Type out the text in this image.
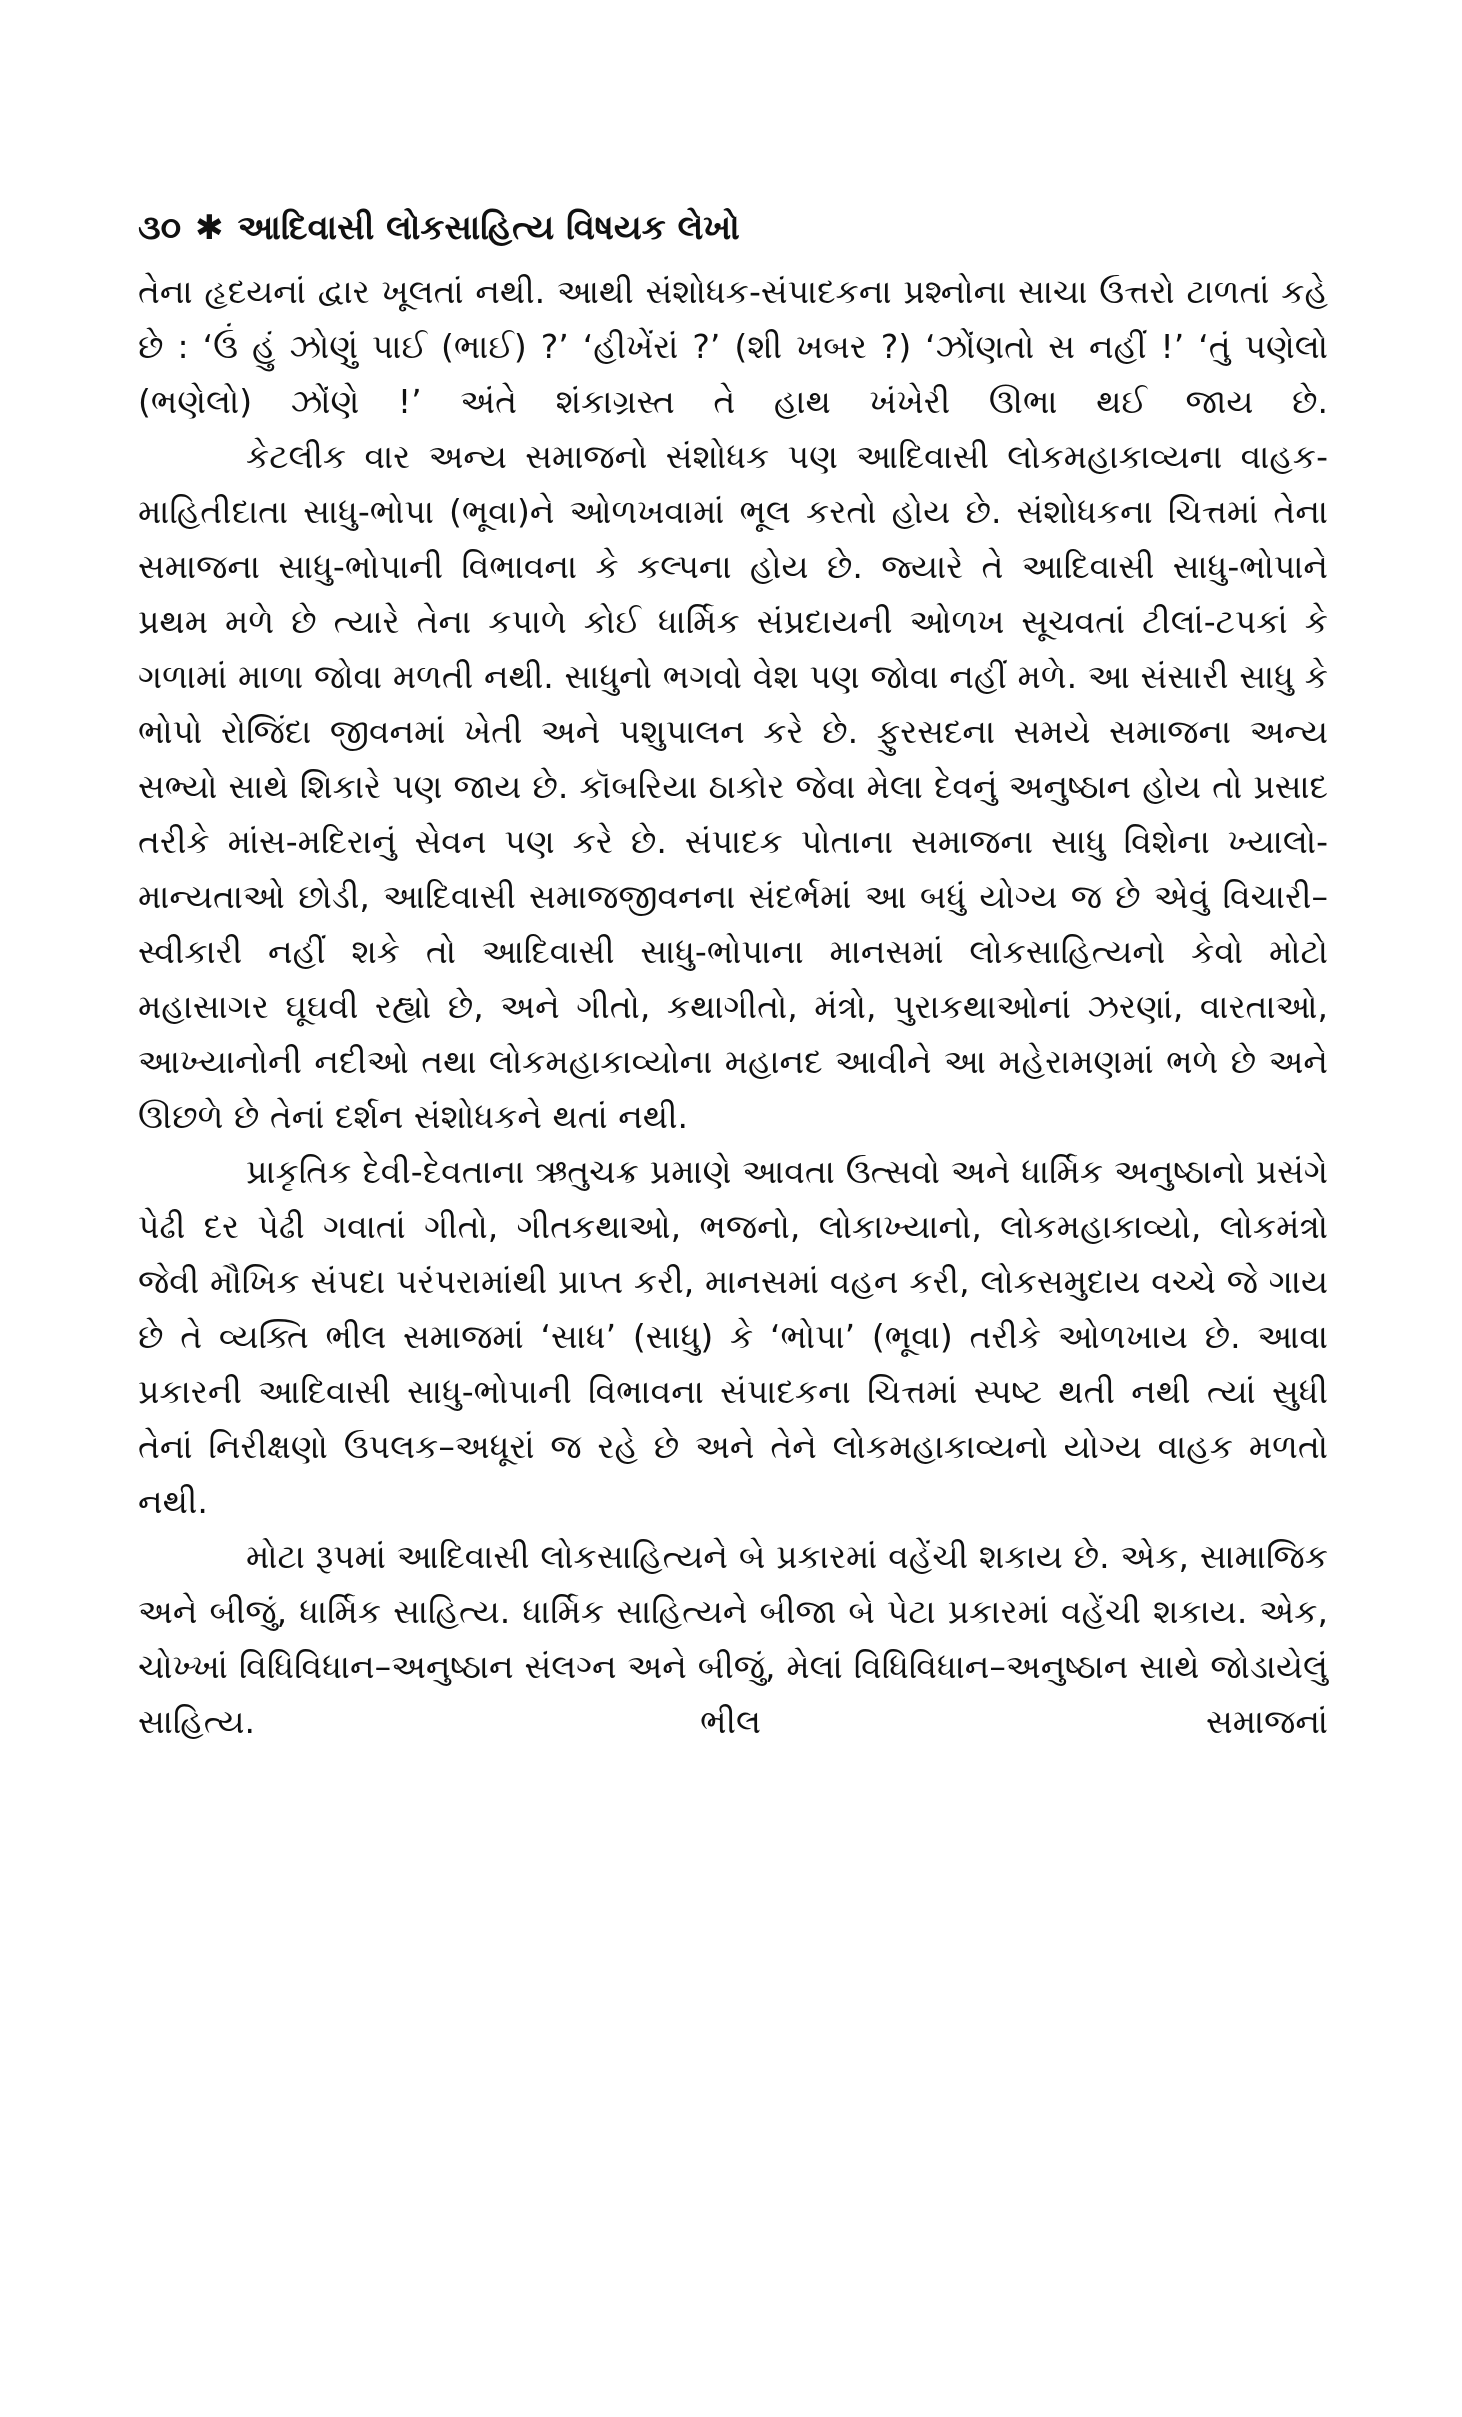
૩૦ ✱ આદિવાસી લોકસાહિત્ય વિષયક લેખો

તેના હૃદયનાં દ્વાર ખૂલતાં નથી. આથી સંશોધક-સંપાદકના પ્રશ્નોના સાચા ઉત્તરો ટાળતાં કહે છે : ‘ઉં હું ઝોણું પાઈ (ભાઈ) ?’ ‘હીખેંરાં ?’ (શી ખબર ?) ‘ઝોંણતો સ નહીં !’ ‘તું પણેલો (ભણેલો) ઝોંણે !’ અંતે શંકાગ્રસ્ત તે હાથ ખંખેરી ઊભા થઈ જાય છે.

કેટલીક વાર અન્ય સમાજનો સંશોધક પણ આદિવાસી લોકમહાકાવ્યના વાહક-માહિતીદાતા સાધુ-ભોપા (ભૂવા)ને ઓળખવામાં ભૂલ કરતો હોય છે. સંશોધકના ચિત્તમાં તેના સમાજના સાધુ-ભોપાની વિભાવના કે કલ્પના હોય છે. જ્યારે તે આદિવાસી સાધુ-ભોપાને પ્રથમ મળે છે ત્યારે તેના કપાળે કોઈ ધાર્મિક સંપ્રદાયની ઓળખ સૂચવતાં ટીલાં-ટપકાં કે ગળામાં માળા જોવા મળતી નથી. સાધુનો ભગવો વેશ પણ જોવા નહીં મળે. આ સંસારી સાધુ કે ભોપો રોજિંદા જીવનમાં ખેતી અને પશુપાલન કરે છે. ફુરસદના સમયે સમાજના અન્ય સભ્યો સાથે શિકારે પણ જાય છે. કૉબરિયા ઠાકોર જેવા મેલા દેવનું અનુષ્ઠાન હોય તો પ્રસાદ તરીકે માંસ-મદિરાનું સેવન પણ કરે છે. સંપાદક પોતાના સમાજના સાધુ વિશેના ખ્યાલો-માન્યતાઓ છોડી, આદિવાસી સમાજજીવનના સંદર્ભમાં આ બધું યોગ્ય જ છે એવું વિચારી–સ્વીકારી નહીં શકે તો આદિવાસી સાધુ-ભોપાના માનસમાં લોકસાહિત્યનો કેવો મોટો મહાસાગર ઘૂઘવી રહ્યો છે, અને ગીતો, કથાગીતો, મંત્રો, પુરાકથાઓનાં ઝરણાં, વારતાઓ, આખ્યાનોની નદીઓ તથા લોકમહાકાવ્યોના મહાનદ આવીને આ મહેરામણમાં ભળે છે અને ઊછળે છે તેનાં દર્શન સંશોધકને થતાં નથી.

પ્રાકૃતિક દેવી-દેવતાના ઋતુચક્ર પ્રમાણે આવતા ઉત્સવો અને ધાર્મિક અનુષ્ઠાનો પ્રસંગે પેઢી દર પેઢી ગવાતાં ગીતો, ગીતકથાઓ, ભજનો, લોકાખ્યાનો, લોકમહાકાવ્યો, લોકમંત્રો જેવી મૌખિક સંપદા પરંપરામાંથી પ્રાપ્ત કરી, માનસમાં વહન કરી, લોકસમુદાય વચ્ચે જે ગાય છે તે વ્યક્તિ ભીલ સમાજમાં ‘સાધ’ (સાધુ) કે ‘ભોપા’ (ભૂવા) તરીકે ઓળખાય છે. આવા પ્રકારની આદિવાસી સાધુ-ભોપાની વિભાવના સંપાદકના ચિત્તમાં સ્પષ્ટ થતી નથી ત્યાં સુધી તેનાં નિરીક્ષણો ઉપલક–અધૂરાં જ રહે છે અને તેને લોકમહાકાવ્યનો યોગ્ય વાહક મળતો નથી.

મોટા રૂપમાં આદિવાસી લોકસાહિત્યને બે પ્રકારમાં વહેંચી શકાય છે. એક, સામાજિક અને બીજું, ધાર્મિક સાહિત્ય. ધાર્મિક સાહિત્યને બીજા બે પેટા પ્રકારમાં વહેંચી શકાય. એક, ચોખ્ખાં વિધિવિધાન–અનુષ્ઠાન સંલગ્ન અને બીજું, મેલાં વિધિવિધાન–અનુષ્ઠાન સાથે જોડાયેલું સાહિત્ય. ભીલ સમાજનાં
